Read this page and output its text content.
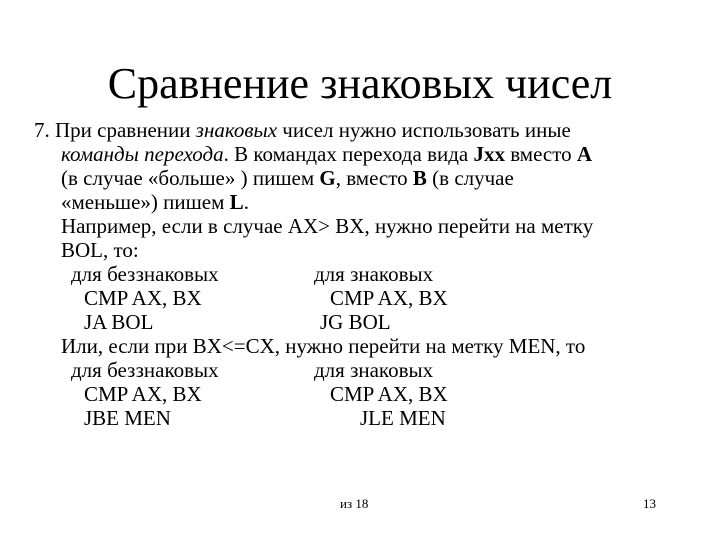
Сравнение знаковых чисел
7. При сравнении знаковых чисел нужно использовать иные
команды перехода. В командах перехода вида Jxx вместо A
(в случае «больше» ) пишем G, вместо B (в случае
«меньше») пишем L.
Например, если в случае AX> BX, нужно перейти на метку
BOL, то:
для беззнаковых	для знаковых
CMP AX, BX	CMP AX, BX
JA BOL	JG BOL
Или, если при BX<=CX, нужно перейти на метку MEN, то
для беззнаковых	для знаковых
CMP AX, BX	CMP AX, BX
JBE MEN	JLE MEN
из 18	13
